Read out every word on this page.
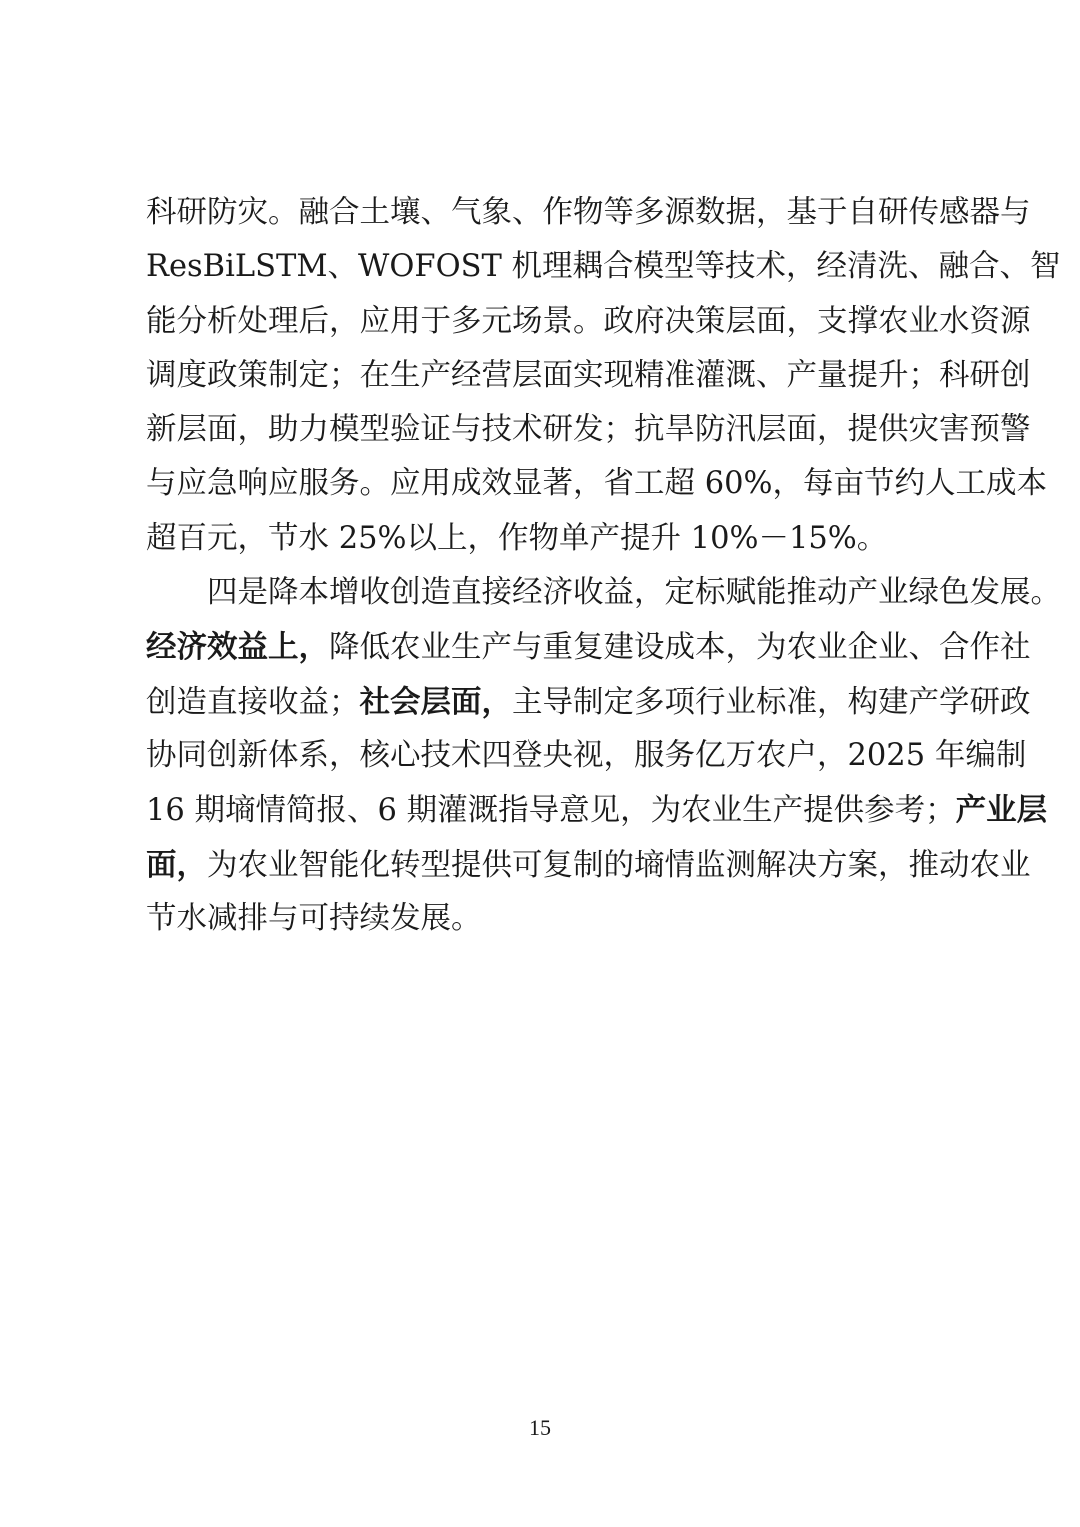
科研防灾。融合土壤、气象、作物等多源数据，基于自研传感器与
ResBiLSTM、WOFOST 机理耦合模型等技术，经清洗、融合、智
能分析处理后，应用于多元场景。政府决策层面，支撑农业水资源
调度政策制定；在生产经营层面实现精准灌溉、产量提升；科研创
新层面，助力模型验证与技术研发；抗旱防汛层面，提供灾害预警
与应急响应服务。应用成效显著，省工超 60%，每亩节约人工成本
超百元，节水 25%以上，作物单产提升 10%－15%。
四是降本增收创造直接经济收益，定标赋能推动产业绿色发展。
经济效益上，降低农业生产与重复建设成本，为农业企业、合作社
创造直接收益；社会层面，主导制定多项行业标准，构建产学研政
协同创新体系，核心技术四登央视，服务亿万农户，2025 年编制
16 期墒情简报、6 期灌溉指导意见，为农业生产提供参考；产业层
面，为农业智能化转型提供可复制的墒情监测解决方案，推动农业
节水减排与可持续发展。
15
